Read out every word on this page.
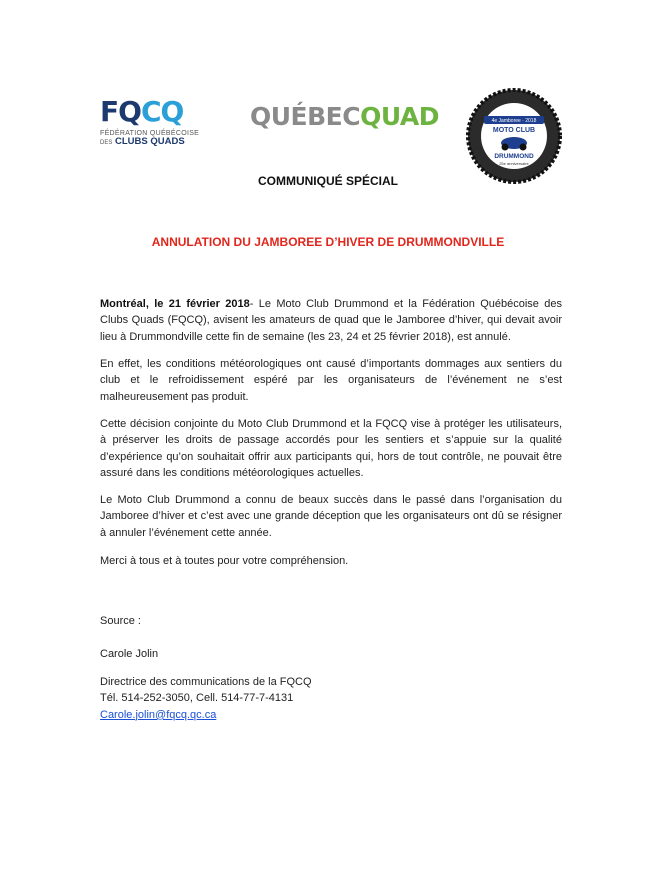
FQCQ
FÉDÉRATION QUÉBÉCOISE
DES CLUBS QUADS
QUÉBECQUAD	4e Jamboree · 2018
MOTO CLUB
DRUMMOND
25e anniversaire
COMMUNIQUÉ SPÉCIAL
ANNULATION DU JAMBOREE D’HIVER DE DRUMMONDVILLE

Montréal, le 21 février 2018- Le Moto Club Drummond et la Fédération Québécoise des Clubs Quads (FQCQ), avisent les amateurs de quad que le Jamboree d’hiver, qui devait avoir lieu à Drummondville cette fin de semaine (les 23, 24 et 25 février 2018), est annulé.

En effet, les conditions météorologiques ont causé d’importants dommages aux sentiers du club et le refroidissement espéré par les organisateurs de l’événement ne s’est malheureusement pas produit.

Cette décision conjointe du Moto Club Drummond et la FQCQ vise à protéger les utilisateurs, à préserver les droits de passage accordés pour les sentiers et s’appuie sur la qualité d’expérience qu’on souhaitait offrir aux participants qui, hors de tout contrôle, ne pouvait être assuré dans les conditions météorologiques actuelles.

Le Moto Club Drummond a connu de beaux succès dans le passé dans l’organisation du Jamboree d’hiver et c’est avec une grande déception que les organisateurs ont dû se résigner à annuler l’événement cette année.

Merci à tous et à toutes pour votre compréhension.

Source :
Carole Jolin
Directrice des communications de la FQCQ
Tél. 514-252-3050, Cell. 514-77-7-4131
Carole.jolin@fqcq.qc.ca
